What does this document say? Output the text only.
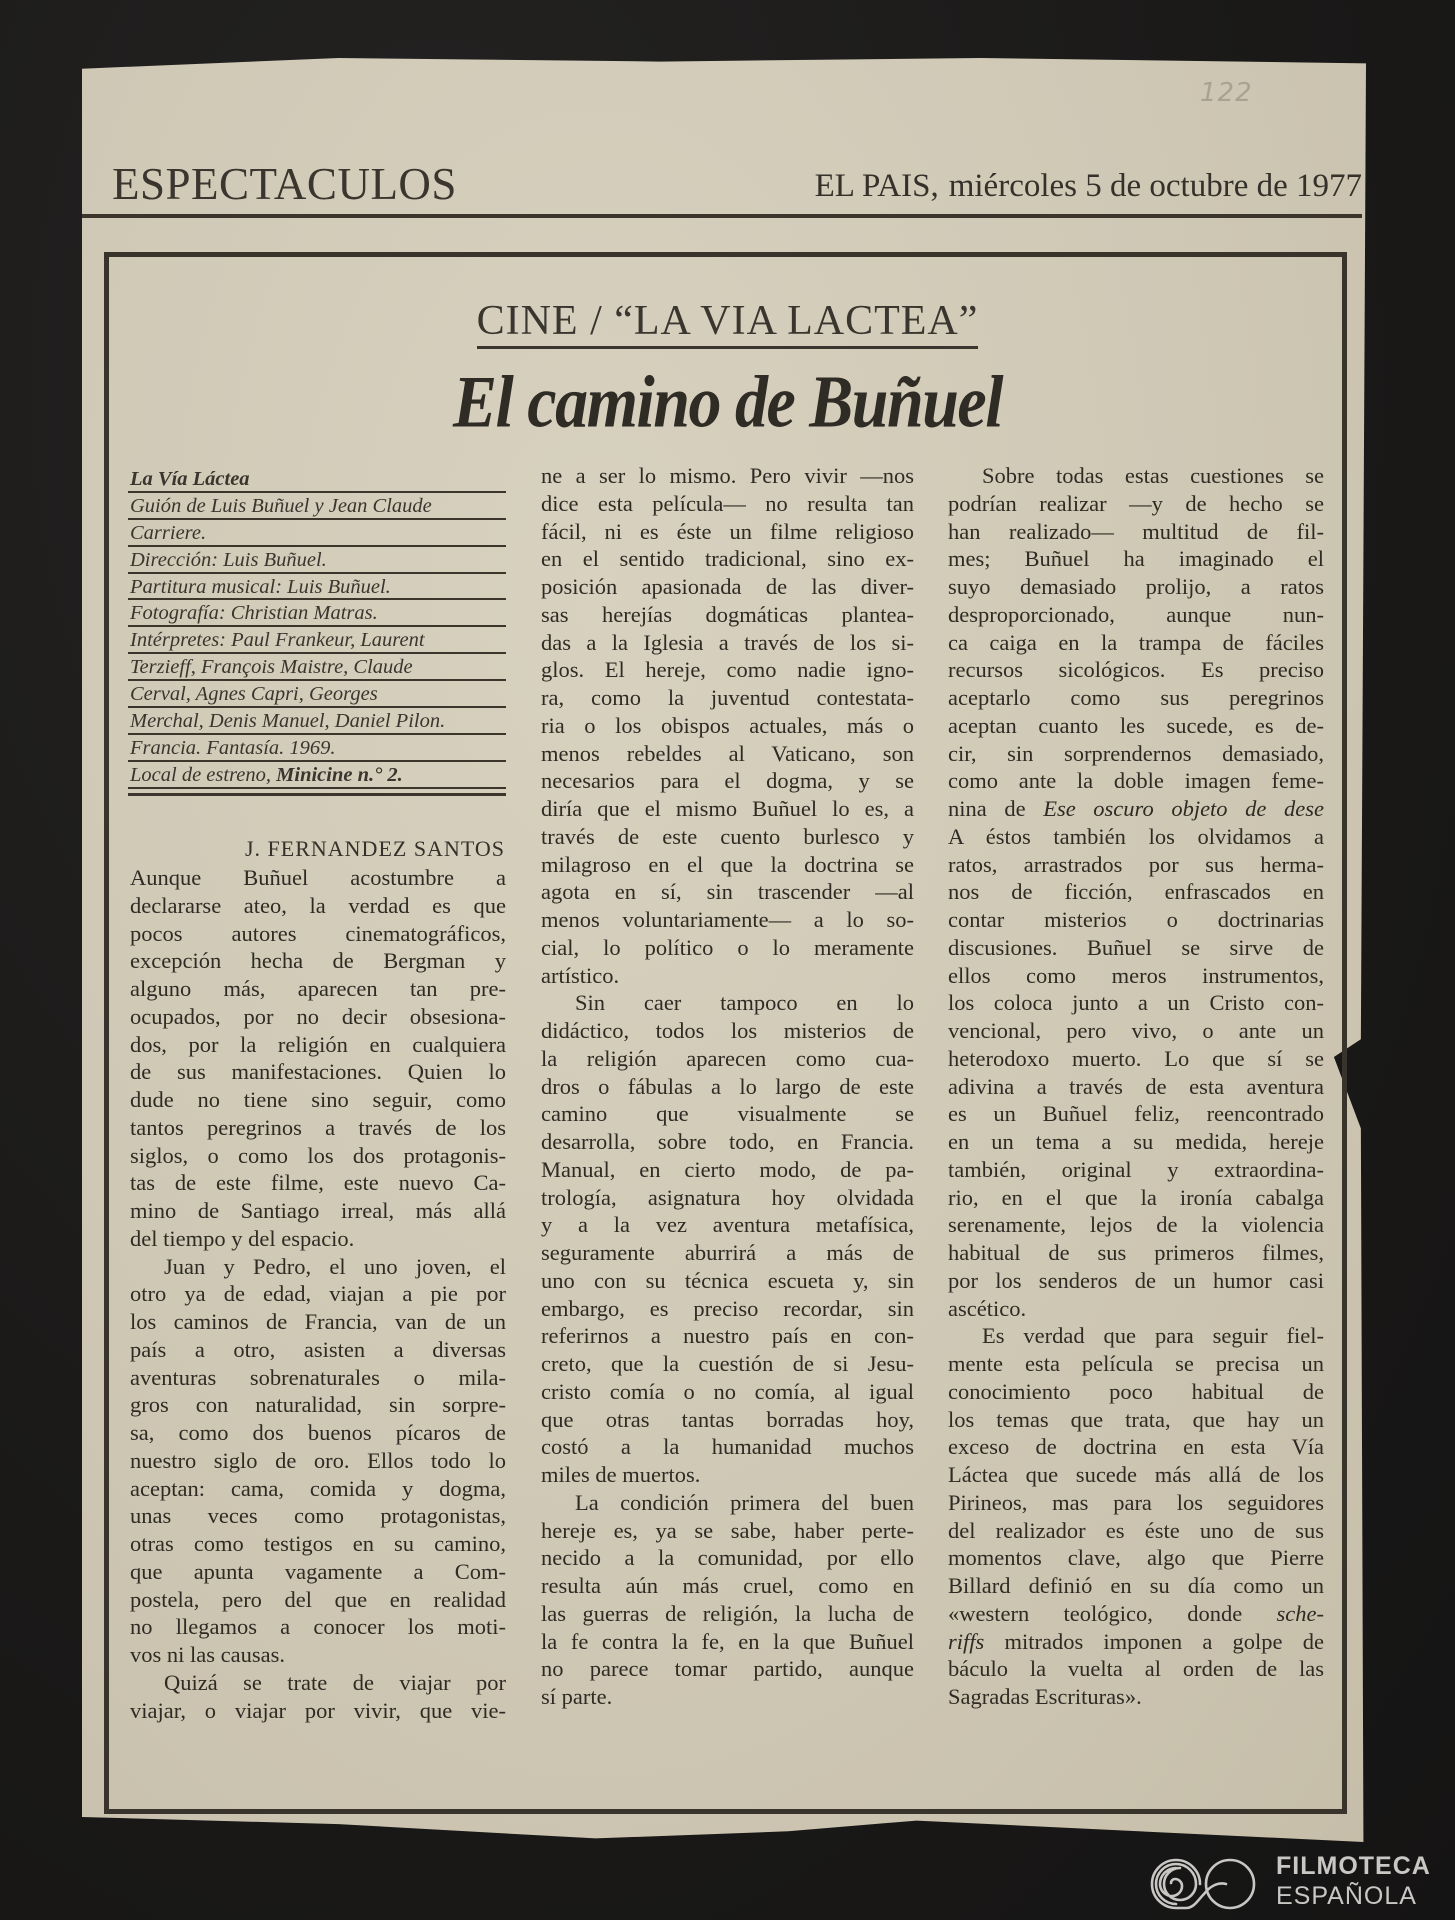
122
ESPECTACULOS	EL PAIS, miércoles 5 de octubre de 1977
CINE / “LA VIA LACTEA”
El camino de Buñuel
La Vía Láctea
Guión de Luis Buñuel y Jean Claude
Carriere.
Dirección: Luis Buñuel.
Partitura musical: Luis Buñuel.
Fotografía: Christian Matras.
Intérpretes: Paul Frankeur, Laurent
Terzieff, François Maistre, Claude
Cerval, Agnes Capri, Georges
Merchal, Denis Manuel, Daniel Pilon.
Francia. Fantasía. 1969.
Local de estreno, Minicine n.° 2.
J. FERNANDEZ SANTOS
Aunque Buñuel acostumbre a
declararse ateo, la verdad es que
pocos autores cinematográficos,
excepción hecha de Bergman y
alguno más, aparecen tan pre-
ocupados, por no decir obsesiona-
dos, por la religión en cualquiera
de sus manifestaciones. Quien lo
dude no tiene sino seguir, como
tantos peregrinos a través de los
siglos, o como los dos protagonis-
tas de este filme, este nuevo Ca-
mino de Santiago irreal, más allá
del tiempo y del espacio.
Juan y Pedro, el uno joven, el
otro ya de edad, viajan a pie por
los caminos de Francia, van de un
país a otro, asisten a diversas
aventuras sobrenaturales o mila-
gros con naturalidad, sin sorpre-
sa, como dos buenos pícaros de
nuestro siglo de oro. Ellos todo lo
aceptan: cama, comida y dogma,
unas veces como protagonistas,
otras como testigos en su camino,
que apunta vagamente a Com-
postela, pero del que en realidad
no llegamos a conocer los moti-
vos ni las causas.
Quizá se trate de viajar por
viajar, o viajar por vivir, que vie-
ne a ser lo mismo. Pero vivir —nos
dice esta película— no resulta tan
fácil, ni es éste un filme religioso
en el sentido tradicional, sino ex-
posición apasionada de las diver-
sas herejías dogmáticas plantea-
das a la Iglesia a través de los si-
glos. El hereje, como nadie igno-
ra, como la juventud contestata-
ria o los obispos actuales, más o
menos rebeldes al Vaticano, son
necesarios para el dogma, y se
diría que el mismo Buñuel lo es, a
través de este cuento burlesco y
milagroso en el que la doctrina se
agota en sí, sin trascender —al
menos voluntariamente— a lo so-
cial, lo político o lo meramente
artístico.
Sin caer tampoco en lo
didáctico, todos los misterios de
la religión aparecen como cua-
dros o fábulas a lo largo de este
camino que visualmente se
desarrolla, sobre todo, en Francia.
Manual, en cierto modo, de pa-
trología, asignatura hoy olvidada
y a la vez aventura metafísica,
seguramente aburrirá a más de
uno con su técnica escueta y, sin
embargo, es preciso recordar, sin
referirnos a nuestro país en con-
creto, que la cuestión de si Jesu-
cristo comía o no comía, al igual
que otras tantas borradas hoy,
costó a la humanidad muchos
miles de muertos.
La condición primera del buen
hereje es, ya se sabe, haber perte-
necido a la comunidad, por ello
resulta aún más cruel, como en
las guerras de religión, la lucha de
la fe contra la fe, en la que Buñuel
no parece tomar partido, aunque
sí parte.
Sobre todas estas cuestiones se
podrían realizar —y de hecho se
han realizado— multitud de fil-
mes; Buñuel ha imaginado el
suyo demasiado prolijo, a ratos
desproporcionado, aunque nun-
ca caiga en la trampa de fáciles
recursos sicológicos. Es preciso
aceptarlo como sus peregrinos
aceptan cuanto les sucede, es de-
cir, sin sorprendernos demasiado,
como ante la doble imagen feme-
nina de Ese oscuro objeto de dese
A éstos también los olvidamos a
ratos, arrastrados por sus herma-
nos de ficción, enfrascados en
contar misterios o doctrinarias
discusiones. Buñuel se sirve de
ellos como meros instrumentos,
los coloca junto a un Cristo con-
vencional, pero vivo, o ante un
heterodoxo muerto. Lo que sí se
adivina a través de esta aventura
es un Buñuel feliz, reencontrado
en un tema a su medida, hereje
también, original y extraordina-
rio, en el que la ironía cabalga
serenamente, lejos de la violencia
habitual de sus primeros filmes,
por los senderos de un humor casi
ascético.
Es verdad que para seguir fiel-
mente esta película se precisa un
conocimiento poco habitual de
los temas que trata, que hay un
exceso de doctrina en esta Vía
Láctea que sucede más allá de los
Pirineos, mas para los seguidores
del realizador es éste uno de sus
momentos clave, algo que Pierre
Billard definió en su día como un
«western teológico, donde sche-
riffs mitrados imponen a golpe de
báculo la vuelta al orden de las
Sagradas Escrituras».
FILMOTECA
ESPAÑOLA
